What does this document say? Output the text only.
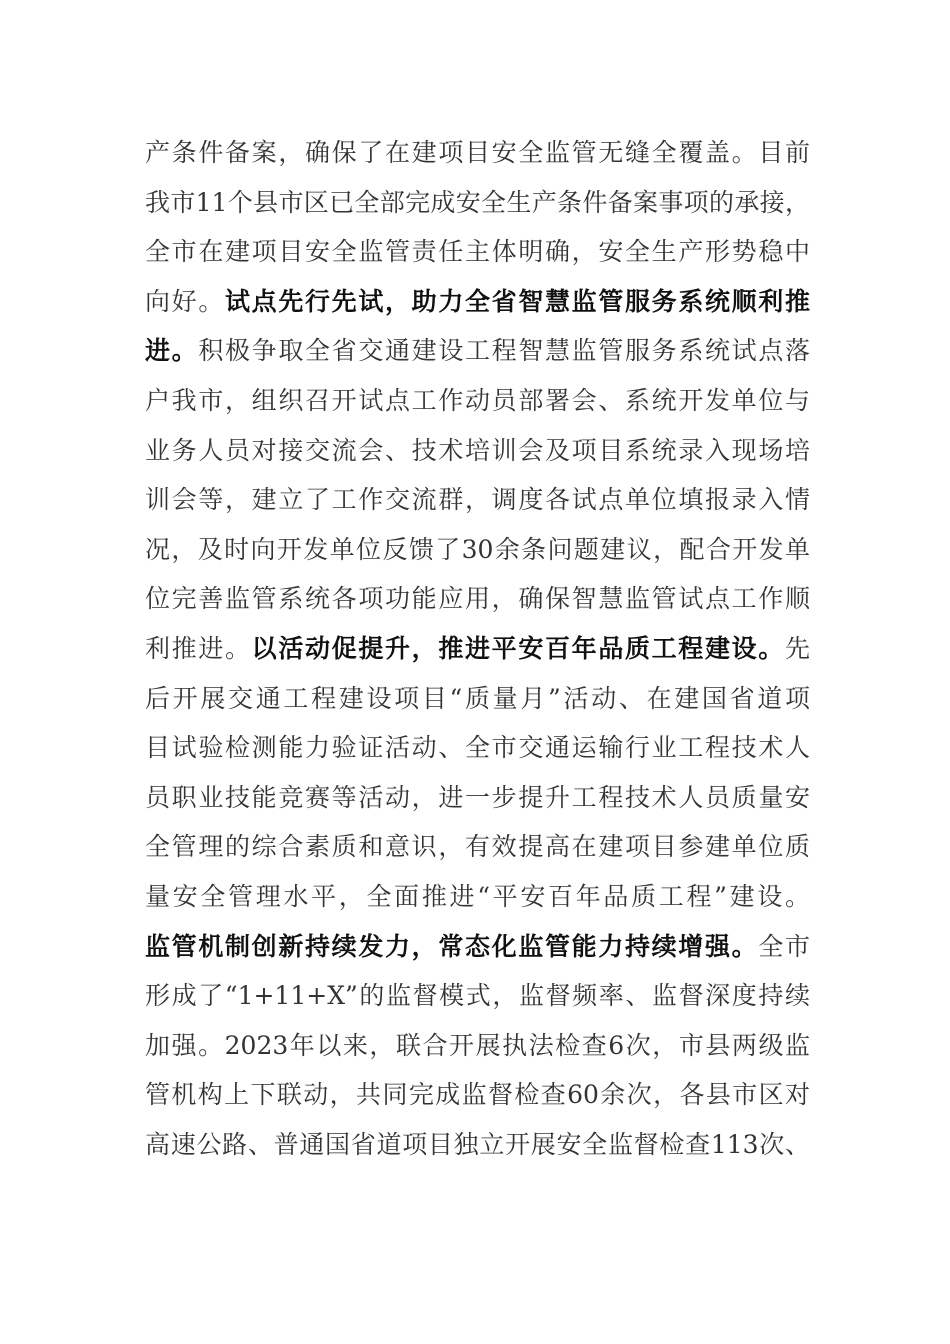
产条件备案，确保了在建项目安全监管无缝全覆盖。目前
我市11个县市区已全部完成安全生产条件备案事项的承接，
全市在建项目安全监管责任主体明确，安全生产形势稳中
向好。试点先行先试，助力全省智慧监管服务系统顺利推
进。积极争取全省交通建设工程智慧监管服务系统试点落
户我市，组织召开试点工作动员部署会、系统开发单位与
业务人员对接交流会、技术培训会及项目系统录入现场培
训会等，建立了工作交流群，调度各试点单位填报录入情
况，及时向开发单位反馈了30余条问题建议，配合开发单
位完善监管系统各项功能应用，确保智慧监管试点工作顺
利推进。以活动促提升，推进平安百年品质工程建设。先
后开展交通工程建设项目“质量月”活动、在建国省道项
目试验检测能力验证活动、全市交通运输行业工程技术人
员职业技能竞赛等活动，进一步提升工程技术人员质量安
全管理的综合素质和意识，有效提高在建项目参建单位质
量安全管理水平，全面推进“平安百年品质工程”建设。
监管机制创新持续发力，常态化监管能力持续增强。全市
形成了“1+11+X”的监督模式，监督频率、监督深度持续
加强。2023年以来，联合开展执法检查6次，市县两级监
管机构上下联动，共同完成监督检查60余次，各县市区对
高速公路、普通国省道项目独立开展安全监督检查113次、
